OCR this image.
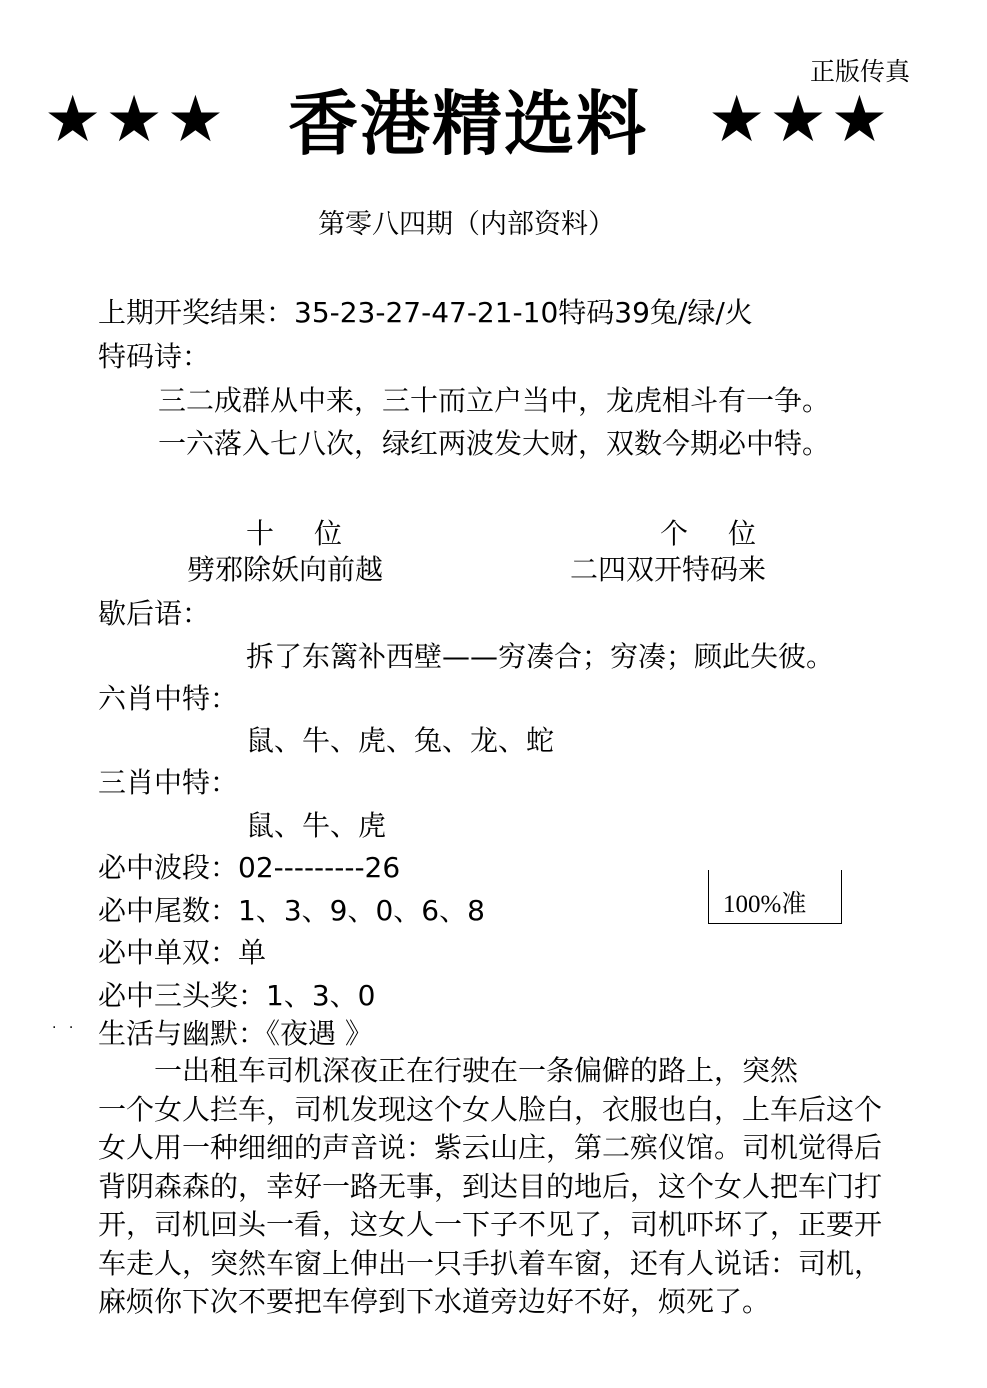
正版传真
★★★ 香港精选料 ★★★
第零八四期（内部资料）
上期开奖结果：35-23-27-47-21-10特码39兔/绿/火
特码诗：
三二成群从中来，三十而立户当中，龙虎相斗有一争。
一六落入七八次，绿红两波发大财，双数今期必中特。
十位	个位
劈邪除妖向前越	二四双开特码来
歇后语：
拆了东篱补西壁——穷凑合；穷凑；顾此失彼。
六肖中特：
鼠、牛、虎、兔、龙、蛇
三肖中特：
鼠、牛、虎
必中波段：02---------26
必中尾数：1、3、9、0、6、8
必中单双：单
必中三头奖：1、3、0
100%准
· · 生活与幽默：《夜遇 》

　　一出租车司机深夜正在行驶在一条偏僻的路上，突然

一个女人拦车，司机发现这个女人脸白，衣服也白，上车后这个

女人用一种细细的声音说：紫云山庄，第二殡仪馆。司机觉得后

背阴森森的，幸好一路无事，到达目的地后，这个女人把车门打

开，司机回头一看，这女人一下子不见了，司机吓坏了，正要开

车走人，突然车窗上伸出一只手扒着车窗，还有人说话：司机，

麻烦你下次不要把车停到下水道旁边好不好，烦死了。
